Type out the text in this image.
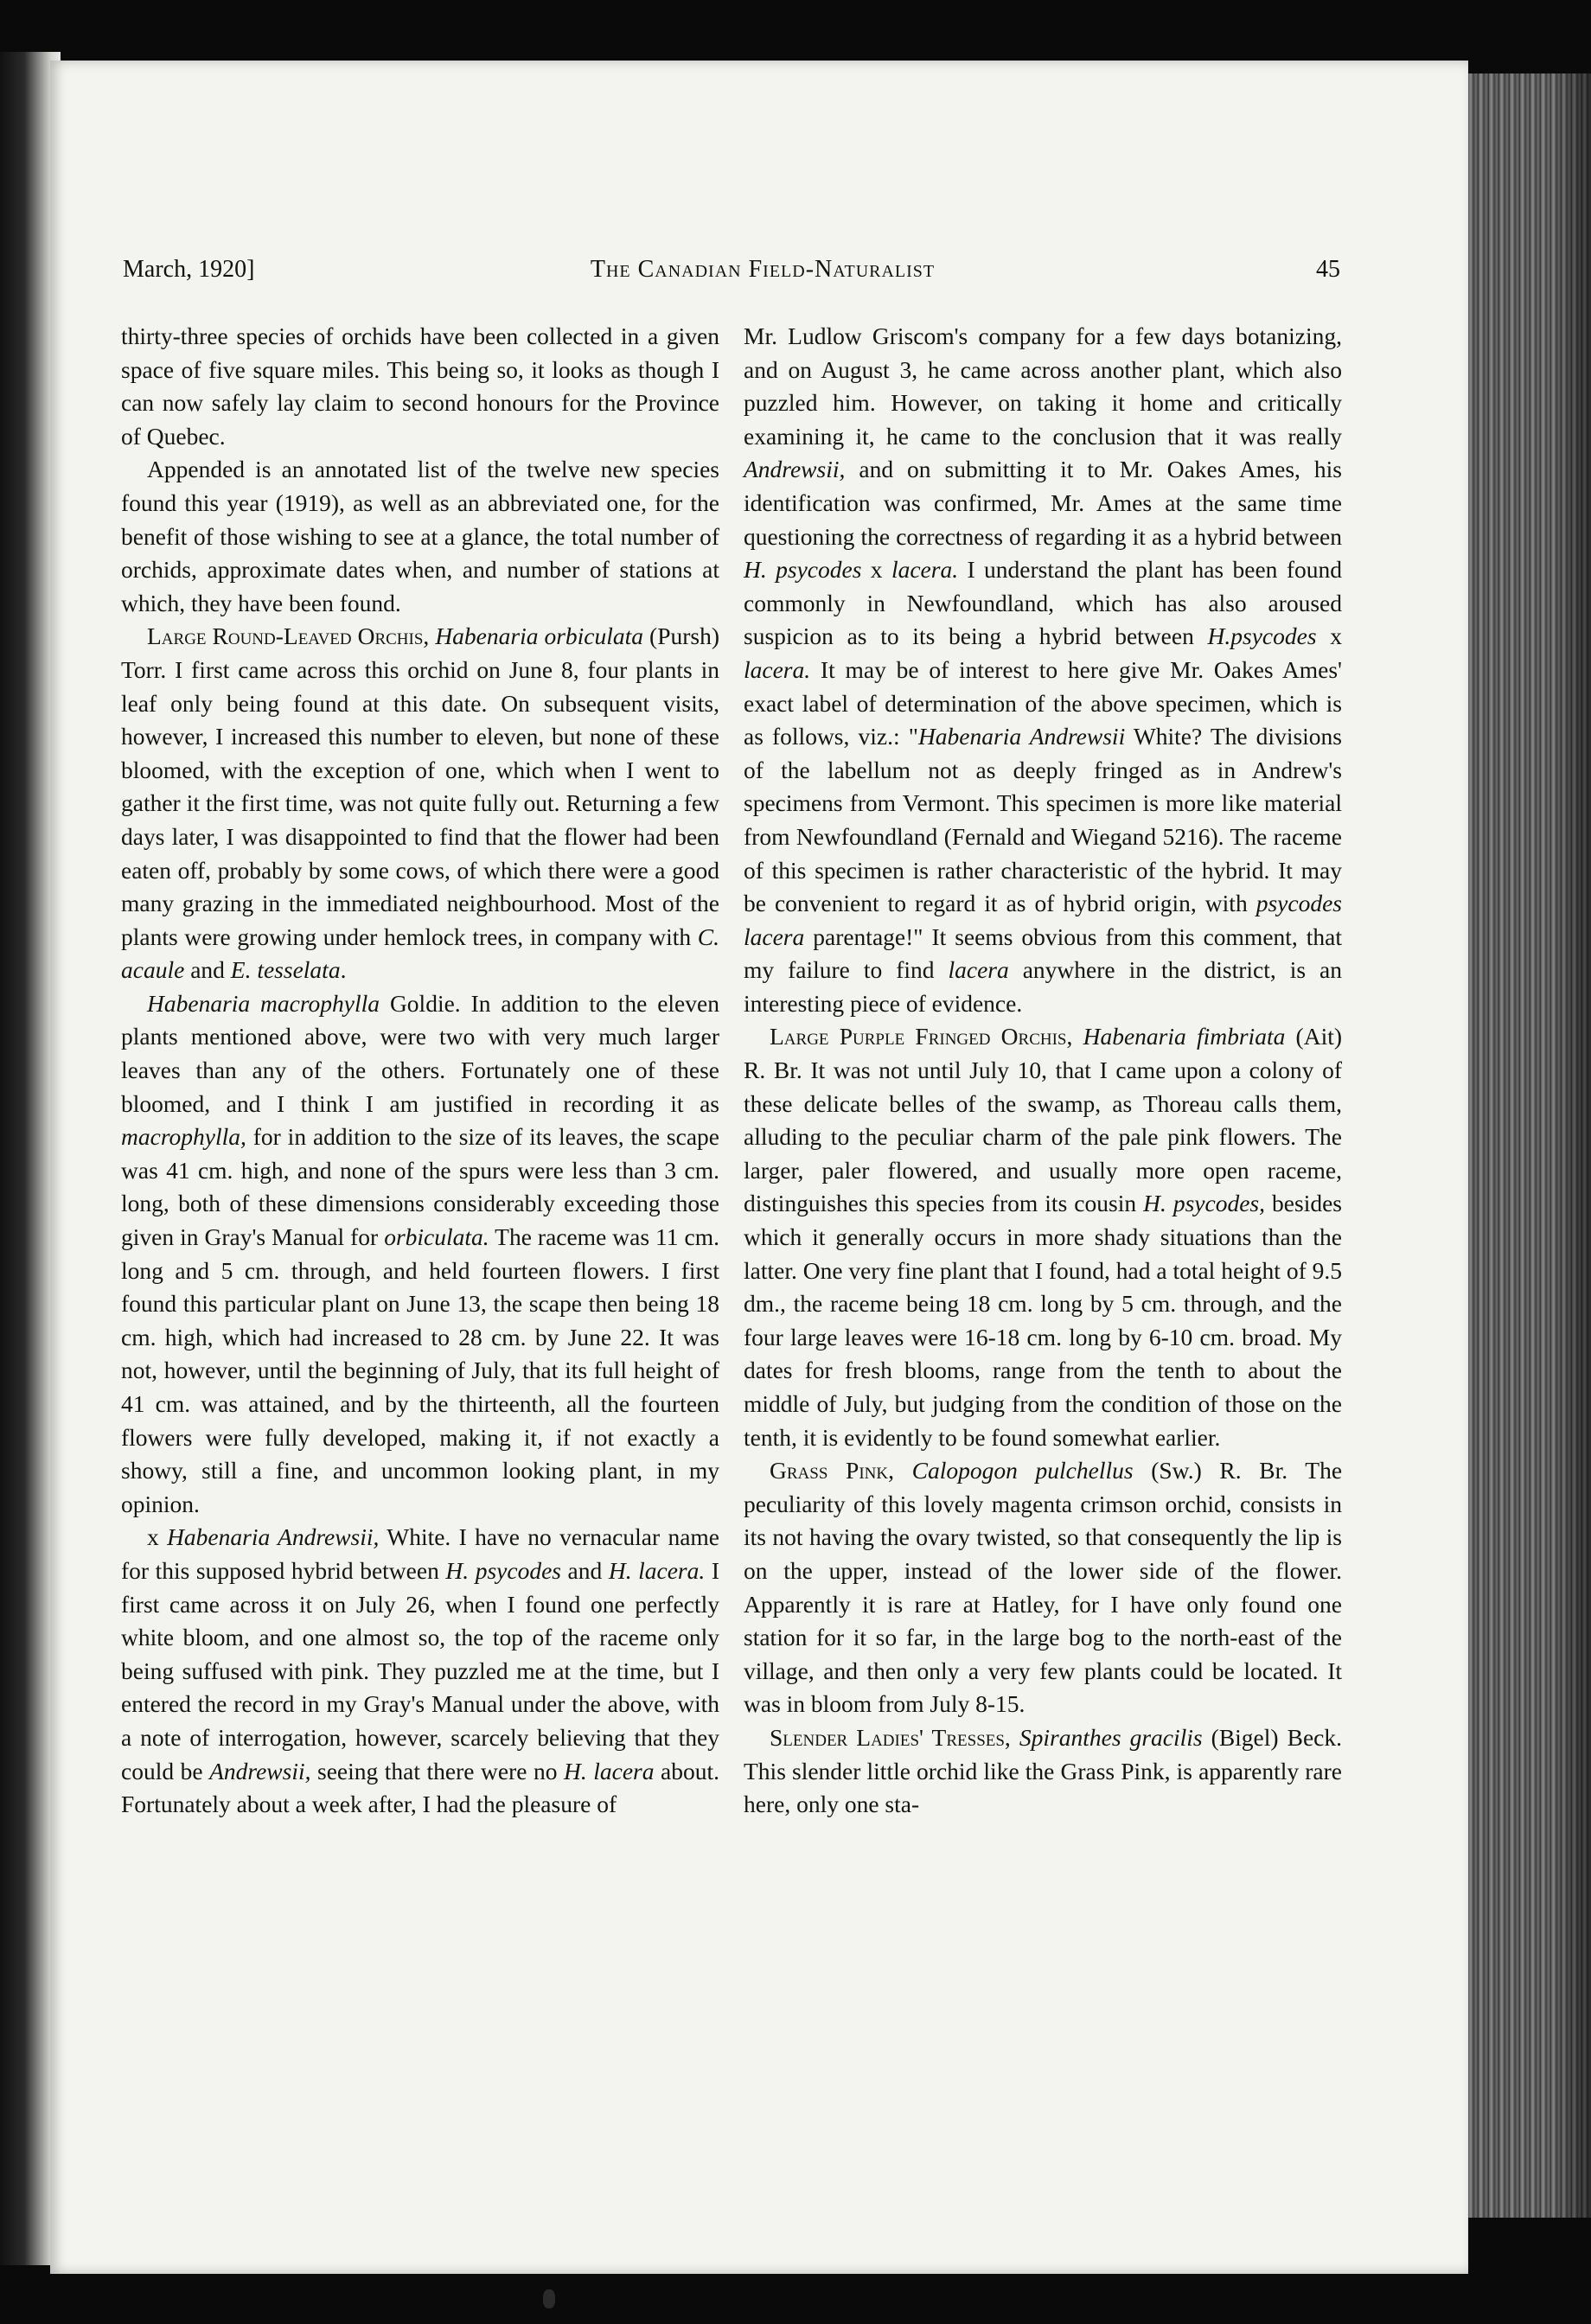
March, 1920]	The Canadian Field-Naturalist	45

thirty-three species of orchids have been collected in a given space of five square miles. This being so, it looks as though I can now safely lay claim to second honours for the Province of Quebec.

Appended is an annotated list of the twelve new species found this year (1919), as well as an abbreviated one, for the benefit of those wishing to see at a glance, the total number of orchids, approximate dates when, and number of stations at which, they have been found.

Large Round-Leaved Orchis, Habenaria orbiculata (Pursh) Torr. I first came across this orchid on June 8, four plants in leaf only being found at this date. On subsequent visits, however, I increased this number to eleven, but none of these bloomed, with the exception of one, which when I went to gather it the first time, was not quite fully out. Returning a few days later, I was disappointed to find that the flower had been eaten off, probably by some cows, of which there were a good many grazing in the immediated neighbourhood. Most of the plants were growing under hemlock trees, in company with C. acaule and E. tesselata.

Habenaria macrophylla Goldie. In addition to the eleven plants mentioned above, were two with very much larger leaves than any of the others. Fortunately one of these bloomed, and I think I am justified in recording it as macrophylla, for in addition to the size of its leaves, the scape was 41 cm. high, and none of the spurs were less than 3 cm. long, both of these dimensions considerably exceeding those given in Gray's Manual for orbiculata. The raceme was 11 cm. long and 5 cm. through, and held fourteen flowers. I first found this particular plant on June 13, the scape then being 18 cm. high, which had increased to 28 cm. by June 22. It was not, however, until the beginning of July, that its full height of 41 cm. was attained, and by the thirteenth, all the fourteen flowers were fully developed, making it, if not exactly a showy, still a fine, and uncommon looking plant, in my opinion.

x Habenaria Andrewsii, White. I have no vernacular name for this supposed hybrid between H. psycodes and H. lacera. I first came across it on July 26, when I found one perfectly white bloom, and one almost so, the top of the raceme only being suffused with pink. They puzzled me at the time, but I entered the record in my Gray's Manual under the above, with a note of interrogation, however, scarcely believing that they could be Andrewsii, seeing that there were no H. lacera about. Fortunately about a week after, I had the pleasure of

Mr. Ludlow Griscom's company for a few days botanizing, and on August 3, he came across another plant, which also puzzled him. However, on taking it home and critically examining it, he came to the conclusion that it was really Andrewsii, and on submitting it to Mr. Oakes Ames, his identification was confirmed, Mr. Ames at the same time questioning the correctness of regarding it as a hybrid between H. psycodes x lacera. I understand the plant has been found commonly in Newfoundland, which has also aroused suspicion as to its being a hybrid between H.psycodes x lacera. It may be of interest to here give Mr. Oakes Ames' exact label of determination of the above specimen, which is as follows, viz.: "Habenaria Andrewsii White? The divisions of the labellum not as deeply fringed as in Andrew's specimens from Vermont. This specimen is more like material from Newfoundland (Fernald and Wiegand 5216). The raceme of this specimen is rather characteristic of the hybrid. It may be convenient to regard it as of hybrid origin, with psycodes lacera parentage!" It seems obvious from this comment, that my failure to find lacera anywhere in the district, is an interesting piece of evidence.

Large Purple Fringed Orchis, Habenaria fimbriata (Ait) R. Br. It was not until July 10, that I came upon a colony of these delicate belles of the swamp, as Thoreau calls them, alluding to the peculiar charm of the pale pink flowers. The larger, paler flowered, and usually more open raceme, distinguishes this species from its cousin H. psycodes, besides which it generally occurs in more shady situations than the latter. One very fine plant that I found, had a total height of 9.5 dm., the raceme being 18 cm. long by 5 cm. through, and the four large leaves were 16-18 cm. long by 6-10 cm. broad. My dates for fresh blooms, range from the tenth to about the middle of July, but judging from the condition of those on the tenth, it is evidently to be found somewhat earlier.

Grass Pink, Calopogon pulchellus (Sw.) R. Br. The peculiarity of this lovely magenta crimson orchid, consists in its not having the ovary twisted, so that consequently the lip is on the upper, instead of the lower side of the flower. Apparently it is rare at Hatley, for I have only found one station for it so far, in the large bog to the north-east of the village, and then only a very few plants could be located. It was in bloom from July 8-15.

Slender Ladies' Tresses, Spiranthes gracilis (Bigel) Beck. This slender little orchid like the Grass Pink, is apparently rare here, only one sta-
